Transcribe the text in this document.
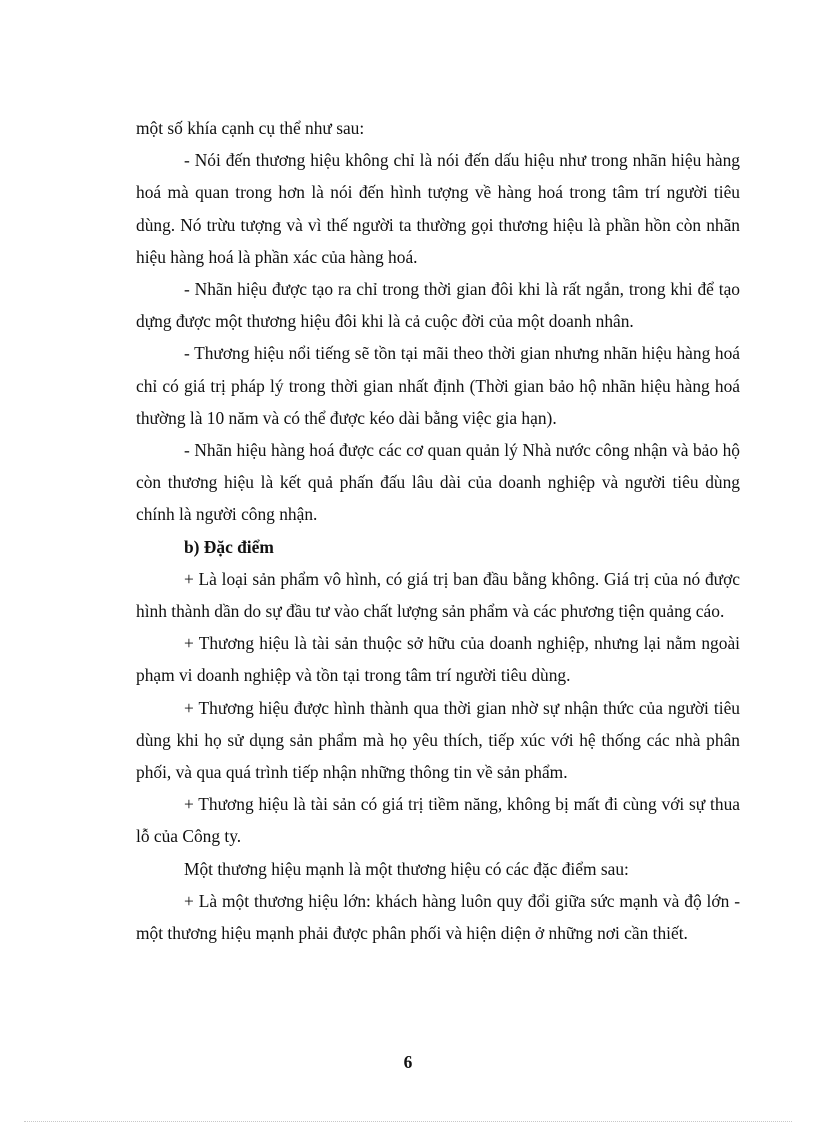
một số khía cạnh cụ thể như sau:

- Nói đến thương hiệu không chỉ là nói đến dấu hiệu như trong nhãn hiệu hàng hoá mà quan trong hơn là nói đến hình tượng về hàng hoá trong tâm trí người tiêu dùng. Nó trừu tượng và vì thế người ta thường gọi thương hiệu là phần hồn còn nhãn hiệu hàng hoá là phần xác của hàng hoá.

- Nhãn hiệu được tạo ra chỉ trong thời gian đôi khi là rất ngắn, trong khi để tạo dựng được một thương hiệu đôi khi là cả cuộc đời của một doanh nhân.

- Thương hiệu nổi tiếng sẽ tồn tại mãi theo thời gian nhưng nhãn hiệu hàng hoá chỉ có giá trị pháp lý trong thời gian nhất định (Thời gian bảo hộ nhãn hiệu hàng hoá thường là 10 năm và có thể được kéo dài bằng việc gia hạn).

- Nhãn hiệu hàng hoá được các cơ quan quản lý Nhà nước công nhận và bảo hộ còn thương hiệu là kết quả phấn đấu lâu dài của doanh nghiệp và người tiêu dùng chính là người công nhận.

b) Đặc điểm

+ Là loại sản phẩm vô hình, có giá trị ban đầu bằng không. Giá trị của nó được hình thành dần do sự đầu tư vào chất lượng sản phẩm và các phương tiện quảng cáo.

+ Thương hiệu là tài sản thuộc sở hữu của doanh nghiệp, nhưng lại nằm ngoài phạm vi doanh nghiệp và tồn tại trong tâm trí người tiêu dùng.

+ Thương hiệu được hình thành qua thời gian nhờ sự nhận thức của người tiêu dùng khi họ sử dụng sản phẩm mà họ yêu thích, tiếp xúc với hệ thống các nhà phân phối, và qua quá trình tiếp nhận những thông tin về sản phẩm.

+ Thương hiệu là tài sản có giá trị tiềm năng, không bị mất đi cùng với sự thua lỗ của Công ty.

Một thương hiệu mạnh là một thương hiệu có các đặc điểm sau:

+ Là một thương hiệu lớn: khách hàng luôn quy đổi giữa sức mạnh và độ lớn - một thương hiệu mạnh phải được phân phối và hiện diện ở những nơi cần thiết.

6
